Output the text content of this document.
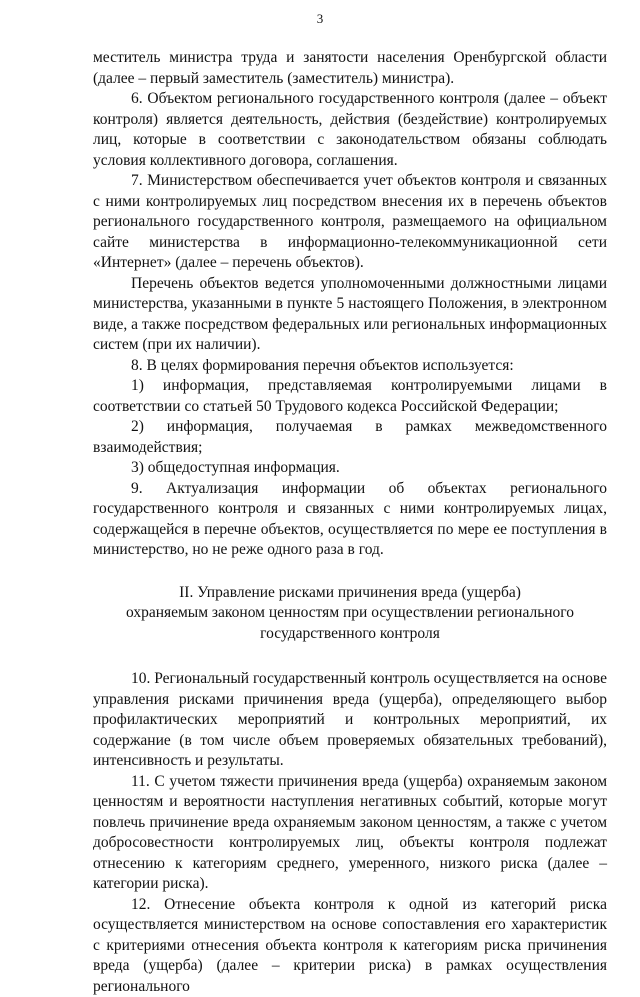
3

меститель министра труда и занятости населения Оренбургской области (далее – первый заместитель (заместитель) министра).

6. Объектом регионального государственного контроля (далее – объект контроля) является деятельность, действия (бездействие) контролируемых лиц, которые в соответствии с законодательством обязаны соблюдать условия коллективного договора, соглашения.

7. Министерством обеспечивается учет объектов контроля и связанных с ними контролируемых лиц посредством внесения их в перечень объектов регионального государственного контроля, размещаемого на официальном сайте министерства в информационно-телекоммуникационной сети «Интернет» (далее – перечень объектов).

Перечень объектов ведется уполномоченными должностными лицами министерства, указанными в пункте 5 настоящего Положения, в электронном виде, а также посредством федеральных или региональных информационных систем (при их наличии).

8. В целях формирования перечня объектов используется:

1) информация, представляемая контролируемыми лицами в соответствии со статьей 50 Трудового кодекса Российской Федерации;

2) информация, получаемая в рамках межведомственного взаимодействия;

3) общедоступная информация.

9. Актуализация информации об объектах регионального государственного контроля и связанных с ними контролируемых лицах, содержащейся в перечне объектов, осуществляется по мере ее поступления в министерство, но не реже одного раза в год.

II. Управление рисками причинения вреда (ущерба)
охраняемым законом ценностям при осуществлении регионального
государственного контроля

10. Региональный государственный контроль осуществляется на основе управления рисками причинения вреда (ущерба), определяющего выбор профилактических мероприятий и контрольных мероприятий, их содержание (в том числе объем проверяемых обязательных требований), интенсивность и результаты.

11. С учетом тяжести причинения вреда (ущерба) охраняемым законом ценностям и вероятности наступления негативных событий, которые могут повлечь причинение вреда охраняемым законом ценностям, а также с учетом добросовестности контролируемых лиц, объекты контроля подлежат отнесению к категориям среднего, умеренного, низкого риска (далее – категории риска).

12. Отнесение объекта контроля к одной из категорий риска осуществляется министерством на основе сопоставления его характеристик с критериями отнесения объекта контроля к категориям риска причинения вреда (ущерба) (далее – критерии риска) в рамках осуществления регионального
